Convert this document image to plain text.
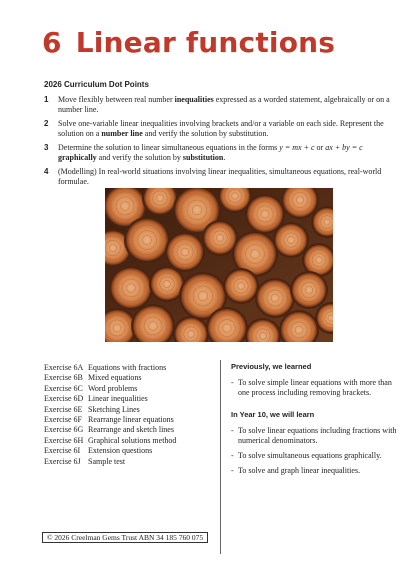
6 Linear functions
2026 Curriculum Dot Points
1	Move flexibly between real number inequalities expressed as a worded statement, algebraically or on a number line.
2	Solve one-variable linear inequalities involving brackets and/or a variable on each side. Represent the solution on a number line and verify the solution by substitution.
3	Determine the solution to linear simultaneous equations in the forms y = mx + c or ax + by = c graphically and verify the solution by substitution.
4	(Modelling) In real-world situations involving linear inequalities, simultaneous equations, real-world formulae.
Exercise 6A Equations with fractions
Exercise 6B Mixed equations
Exercise 6C Word problems
Exercise 6D Linear inequalities
Exercise 6E Sketching Lines
Exercise 6F Rearrange linear equations
Exercise 6G Rearrange and sketch lines
Exercise 6H Graphical solutions method
Exercise 6I Extension questions
Exercise 6J Sample test
Previously, we learned
- To solve simple linear equations with more than one process including removing brackets.
In Year 10, we will learn
- To solve linear equations including fractions with numerical denominators.
- To solve simultaneous equations graphically.
- To solve and graph linear inequalities.
© 2026 Creelman Gems Trust ABN 34 185 760 075
